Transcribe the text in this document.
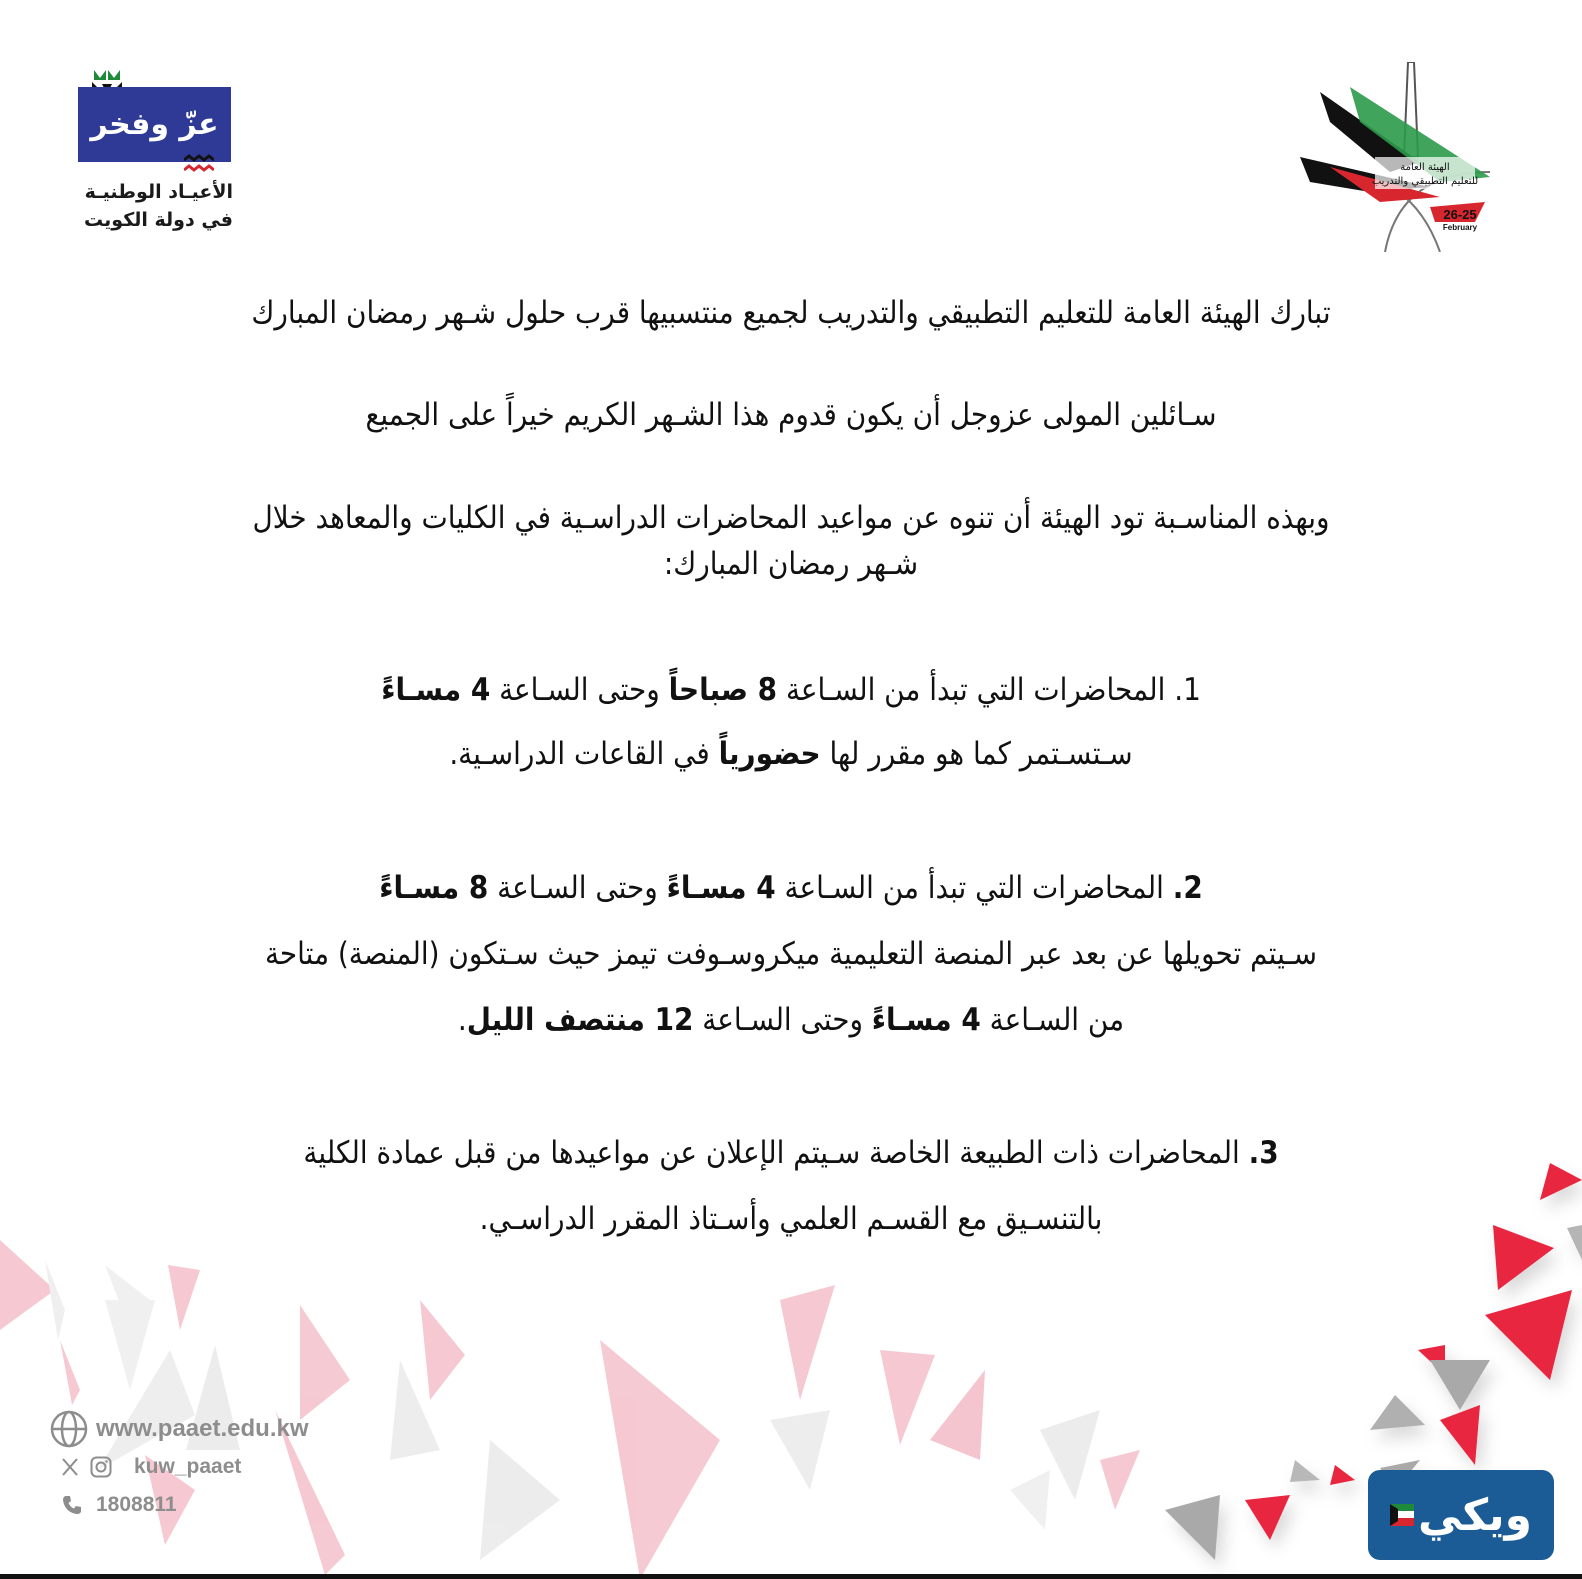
عزّ وفخر
الأعيـاد الوطنيـة
في دولة الكويت
الهيئة العامة
للتعليم التطبيقي والتدريب
26-25
February
تبارك الهيئة العامة للتعليم التطبيقي والتدريب لجميع منتسبيها قرب حلول شـهر رمضان المبارك
سـائلين المولى عزوجل أن يكون قدوم هذا الشـهر الكريم خيراً على الجميع
وبهذه المناسـبة تود الهيئة أن تنوه عن مواعيد المحاضرات الدراسـية في الكليات والمعاهد خلال
شـهر رمضان المبارك:
1. المحاضرات التي تبدأ من السـاعة 8 صباحاً وحتى السـاعة 4 مسـاءً
سـتسـتمر كما هو مقرر لها حضورياً في القاعات الدراسـية.
2. المحاضرات التي تبدأ من السـاعة 4 مسـاءً وحتى السـاعة 8 مسـاءً
سـيتم تحويلها عن بعد عبر المنصة التعليمية ميكروسـوفت تيمز حيث سـتكون (المنصة) متاحة
من السـاعة 4 مسـاءً وحتى السـاعة 12 منتصف الليل.
3. المحاضرات ذات الطبيعة الخاصة سـيتم الإعلان عن مواعيدها من قبل عمادة الكلية
بالتنسـيق مع القسـم العلمي وأسـتاذ المقرر الدراسـي.
www.paaet.edu.kw
kuw_paaet
1808811	ويكي
